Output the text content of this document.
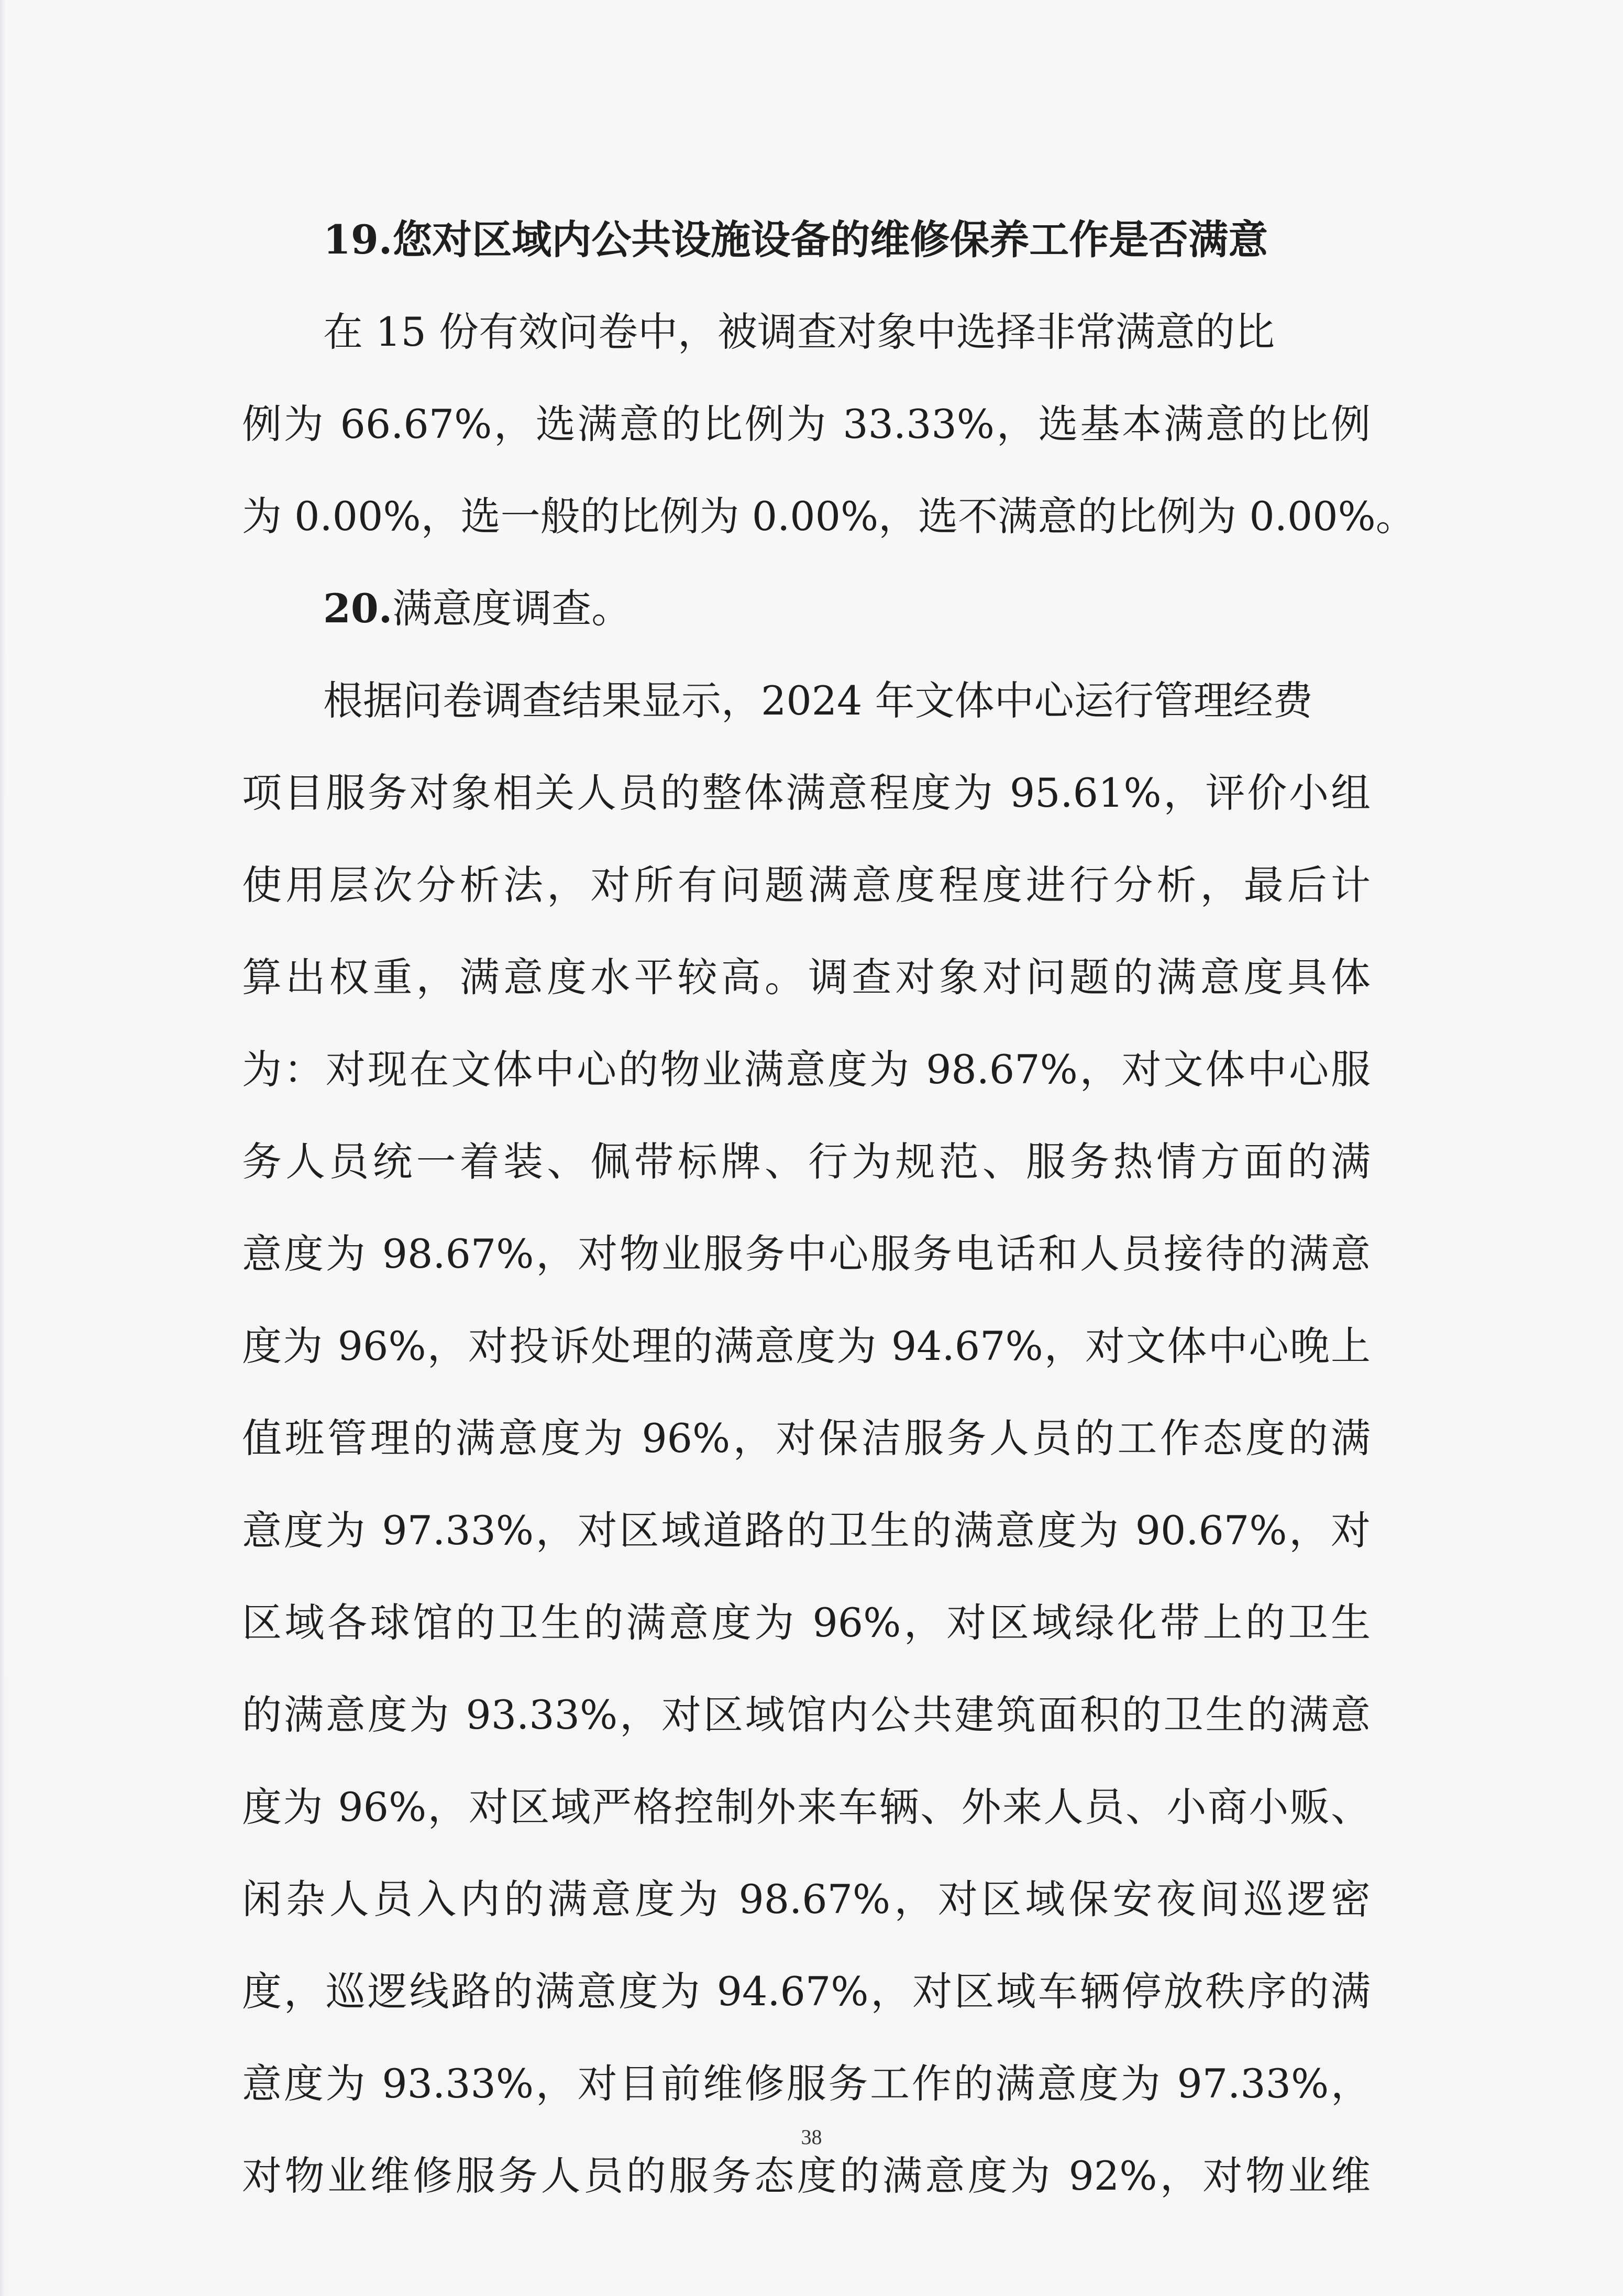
19.您对区域内公共设施设备的维修保养工作是否满意
在 15 份有效问卷中，被调查对象中选择非常满意的比
例为 66.67%，选满意的比例为 33.33%，选基本满意的比例
为 0.00%，选一般的比例为 0.00%，选不满意的比例为 0.00%。
20.满意度调查。
根据问卷调查结果显示，2024 年文体中心运行管理经费
项目服务对象相关人员的整体满意程度为 95.61%，评价小组
使用层次分析法，对所有问题满意度程度进行分析，最后计
算出权重，满意度水平较高。调查对象对问题的满意度具体
为：对现在文体中心的物业满意度为 98.67%，对文体中心服
务人员统一着装、佩带标牌、行为规范、服务热情方面的满
意度为 98.67%，对物业服务中心服务电话和人员接待的满意
度为 96%，对投诉处理的满意度为 94.67%，对文体中心晚上
值班管理的满意度为 96%，对保洁服务人员的工作态度的满
意度为 97.33%，对区域道路的卫生的满意度为 90.67%，对
区域各球馆的卫生的满意度为 96%，对区域绿化带上的卫生
的满意度为 93.33%，对区域馆内公共建筑面积的卫生的满意
度为 96%，对区域严格控制外来车辆、外来人员、小商小贩、
闲杂人员入内的满意度为 98.67%，对区域保安夜间巡逻密
度，巡逻线路的满意度为 94.67%，对区域车辆停放秩序的满
意度为 93.33%，对目前维修服务工作的满意度为 97.33%，
对物业维修服务人员的服务态度的满意度为 92%，对物业维
38
